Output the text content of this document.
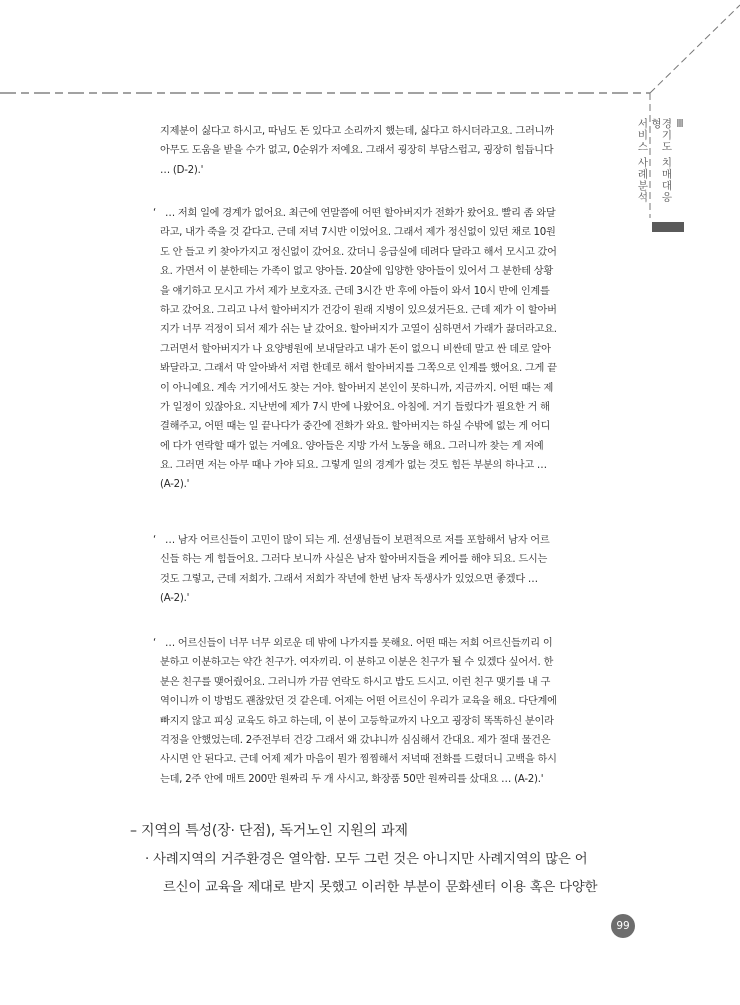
Ⅲ
경기도 치매대응형
서비스 사례분석
지제분이 싫다고 하시고, 따님도 돈 있다고 소리까지 했는데, 싫다고 하시더라고요. 그러니까
아무도 도움을 받을 수가 없고, 0순위가 저예요. 그래서 굉장히 부담스럽고, 굉장히 힘듭니다
… (D-2).'
‘ … 저희 일에 경계가 없어요. 최근에 연말쯤에 어떤 할아버지가 전화가 왔어요. 빨리 좀 와달
라고, 내가 죽을 것 같다고. 근데 저녁 7시반 이었어요. 그래서 제가 정신없이 있던 채로 10원
도 안 들고 키 찾아가지고 정신없이 갔어요. 갔더니 응급실에 데려다 달라고 해서 모시고 갔어
요. 가면서 이 분한테는 가족이 없고 양아들. 20살에 입양한 양아들이 있어서 그 분한테 상황
을 얘기하고 모시고 가서 제가 보호자죠. 근데 3시간 반 후에 아들이 와서 10시 반에 인계를
하고 갔어요. 그리고 나서 할아버지가 건강이 원래 지병이 있으셨거든요. 근데 제가 이 할아버
지가 너무 걱정이 되서 제가 쉬는 날 갔어요. 할아버지가 고열이 심하면서 가래가 끓더라고요.
그러면서 할아버지가 나 요양병원에 보내달라고 내가 돈이 없으니 비싼데 말고 싼 데로 알아
봐달라고. 그래서 막 알아봐서 저렴 한데로 해서 할아버지를 그쪽으로 인계를 했어요. 그게 끝
이 아니예요. 계속 거기에서도 찾는 거야. 할아버지 본인이 못하니까, 지금까지. 어떤 때는 제
가 일정이 있잖아요. 지난번에 제가 7시 반에 나왔어요. 아침에. 거기 들렀다가 필요한 거 해
결해주고, 어떤 때는 일 끝나다가 중간에 전화가 와요. 할아버지는 하실 수밖에 없는 게 어디
에 다가 연락할 때가 없는 거예요. 양아들은 지방 가서 노동을 해요. 그러니까 찾는 게 저예
요. 그러면 저는 아무 때나 가야 되요. 그렇게 일의 경계가 없는 것도 힘든 부분의 하나고 …
(A-2).'
‘ … 남자 어르신들이 고민이 많이 되는 게. 선생님들이 보편적으로 저를 포함해서 남자 어르
신들 하는 게 힘들어요. 그러다 보니까 사실은 남자 할아버지들을 케어를 해야 되요. 드시는
것도 그렇고, 근데 저희가. 그래서 저희가 작년에 한번 남자 독생사가 있었으면 좋겠다 …
(A-2).'
‘ … 어르신들이 너무 너무 외로운 데 밖에 나가지를 못해요. 어떤 때는 저희 어르신들끼리 이
분하고 이분하고는 약간 친구가. 여자끼리. 이 분하고 이분은 친구가 될 수 있겠다 싶어서. 한
분은 친구를 맺어줬어요. 그러니까 가끔 연락도 하시고 밥도 드시고. 이런 친구 맺기를 내 구
역이니까 이 방법도 괜찮았던 것 같은데. 어제는 어떤 어르신이 우리가 교육을 해요. 다단계에
빠지지 않고 피싱 교육도 하고 하는데, 이 분이 고등학교까지 나오고 굉장히 똑똑하신 분이라
걱정을 안했었는데. 2주전부터 건강 그래서 왜 갔냐니까 심심해서 간대요. 제가 절대 물건은
사시면 안 된다고. 근데 어제 제가 마음이 뭔가 찜찜해서 저녁때 전화를 드렸더니 고백을 하시
는데, 2주 안에 매트 200만 원짜리 두 개 사시고, 화장품 50만 원짜리를 샀대요 … (A-2).'
– 지역의 특성(장· 단점), 독거노인 지원의 과제
· 사례지역의 거주환경은 열악함. 모두 그런 것은 아니지만 사례지역의 많은 어
르신이 교육을 제대로 받지 못했고 이러한 부분이 문화센터 이용 혹은 다양한
99
